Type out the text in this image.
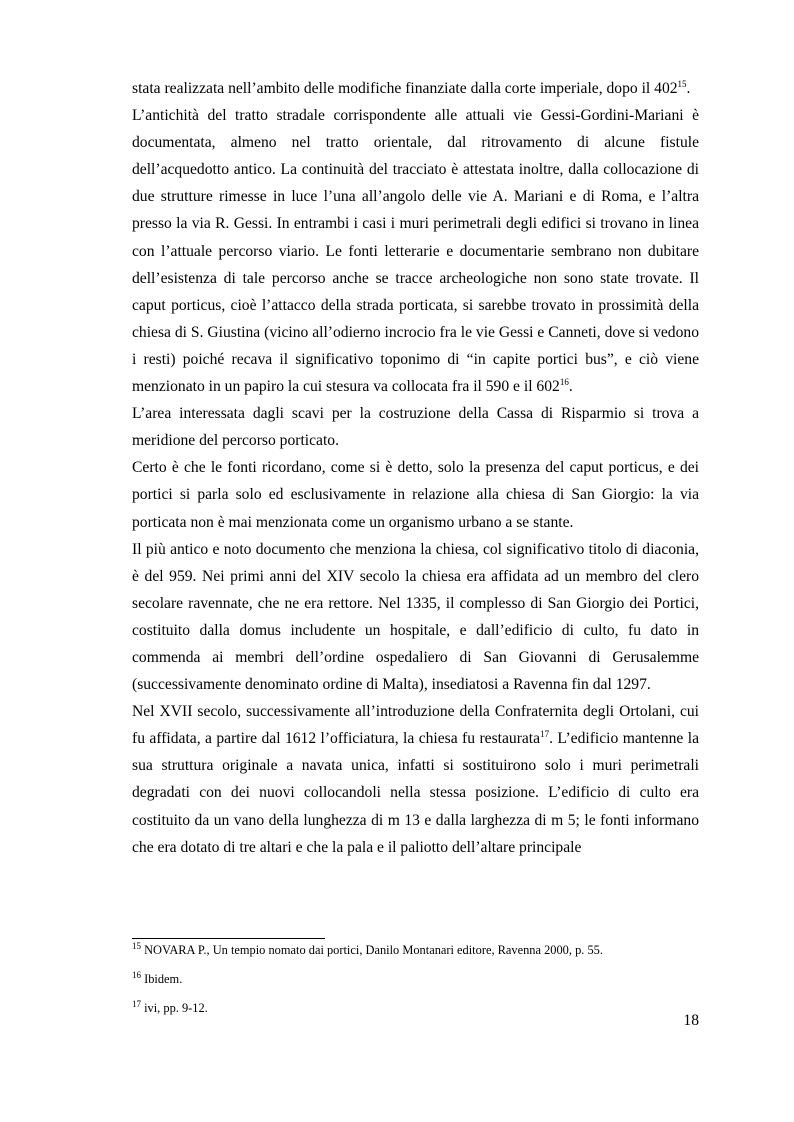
stata realizzata nell’ambito delle modifiche finanziate dalla corte imperiale, dopo il $402^{15}$.

L’antichità del tratto stradale corrispondente alle attuali vie Gessi-Gordini-Mariani è documentata, almeno nel tratto orientale, dal ritrovamento di alcune fistule dell’acquedotto antico. La continuità del tracciato è attestata inoltre, dalla collocazione di due strutture rimesse in luce l’una all’angolo delle vie A. Mariani e di Roma, e l’altra presso la via R. Gessi. In entrambi i casi i muri perimetrali degli edifici si trovano in linea con l’attuale percorso viario. Le fonti letterarie e documentarie sembrano non dubitare dell’esistenza di tale percorso anche se tracce archeologiche non sono state trovate. Il caput porticus, cioè l’attacco della strada porticata, si sarebbe trovato in prossimità della chiesa di S. Giustina (vicino all’odierno incrocio fra le vie Gessi e Canneti, dove si vedono i resti) poiché recava il significativo toponimo di “in capite portici bus”, e ciò viene menzionato in un papiro la cui stesura va collocata fra il 590 e il $602^{16}$.

L’area interessata dagli scavi per la costruzione della Cassa di Risparmio si trova a meridione del percorso porticato.

Certo è che le fonti ricordano, come si è detto, solo la presenza del caput porticus, e dei portici si parla solo ed esclusivamente in relazione alla chiesa di San Giorgio: la via porticata non è mai menzionata come un organismo urbano a se stante.

Il più antico e noto documento che menziona la chiesa, col significativo titolo di diaconia, è del 959. Nei primi anni del XIV secolo la chiesa era affidata ad un membro del clero secolare ravennate, che ne era rettore. Nel 1335, il complesso di San Giorgio dei Portici, costituito dalla domus includente un hospitale, e dall’edificio di culto, fu dato in commenda ai membri dell’ordine ospedaliero di San Giovanni di Gerusalemme (successivamente denominato ordine di Malta), insediatosi a Ravenna fin dal 1297.

Nel XVII secolo, successivamente all’introduzione della Confraternita degli Ortolani, cui fu affidata, a partire dal 1612 l’officiatura, la chiesa fu restaurata$^{17}$. L’edificio mantenne la sua struttura originale a navata unica, infatti si sostituirono solo i muri perimetrali degradati con dei nuovi collocandoli nella stessa posizione. L’edificio di culto era costituito da un vano della lunghezza di m 13 e dalla larghezza di m 5; le fonti informano che era dotato di tre altari e che la pala e il paliotto dell’altare principale

$^{15}$ NOVARA P., Un tempio nomato dai portici, Danilo Montanari editore, Ravenna 2000, p. 55.

$^{16}$ Ibidem.

$^{17}$ ivi, pp. 9-12.

18
